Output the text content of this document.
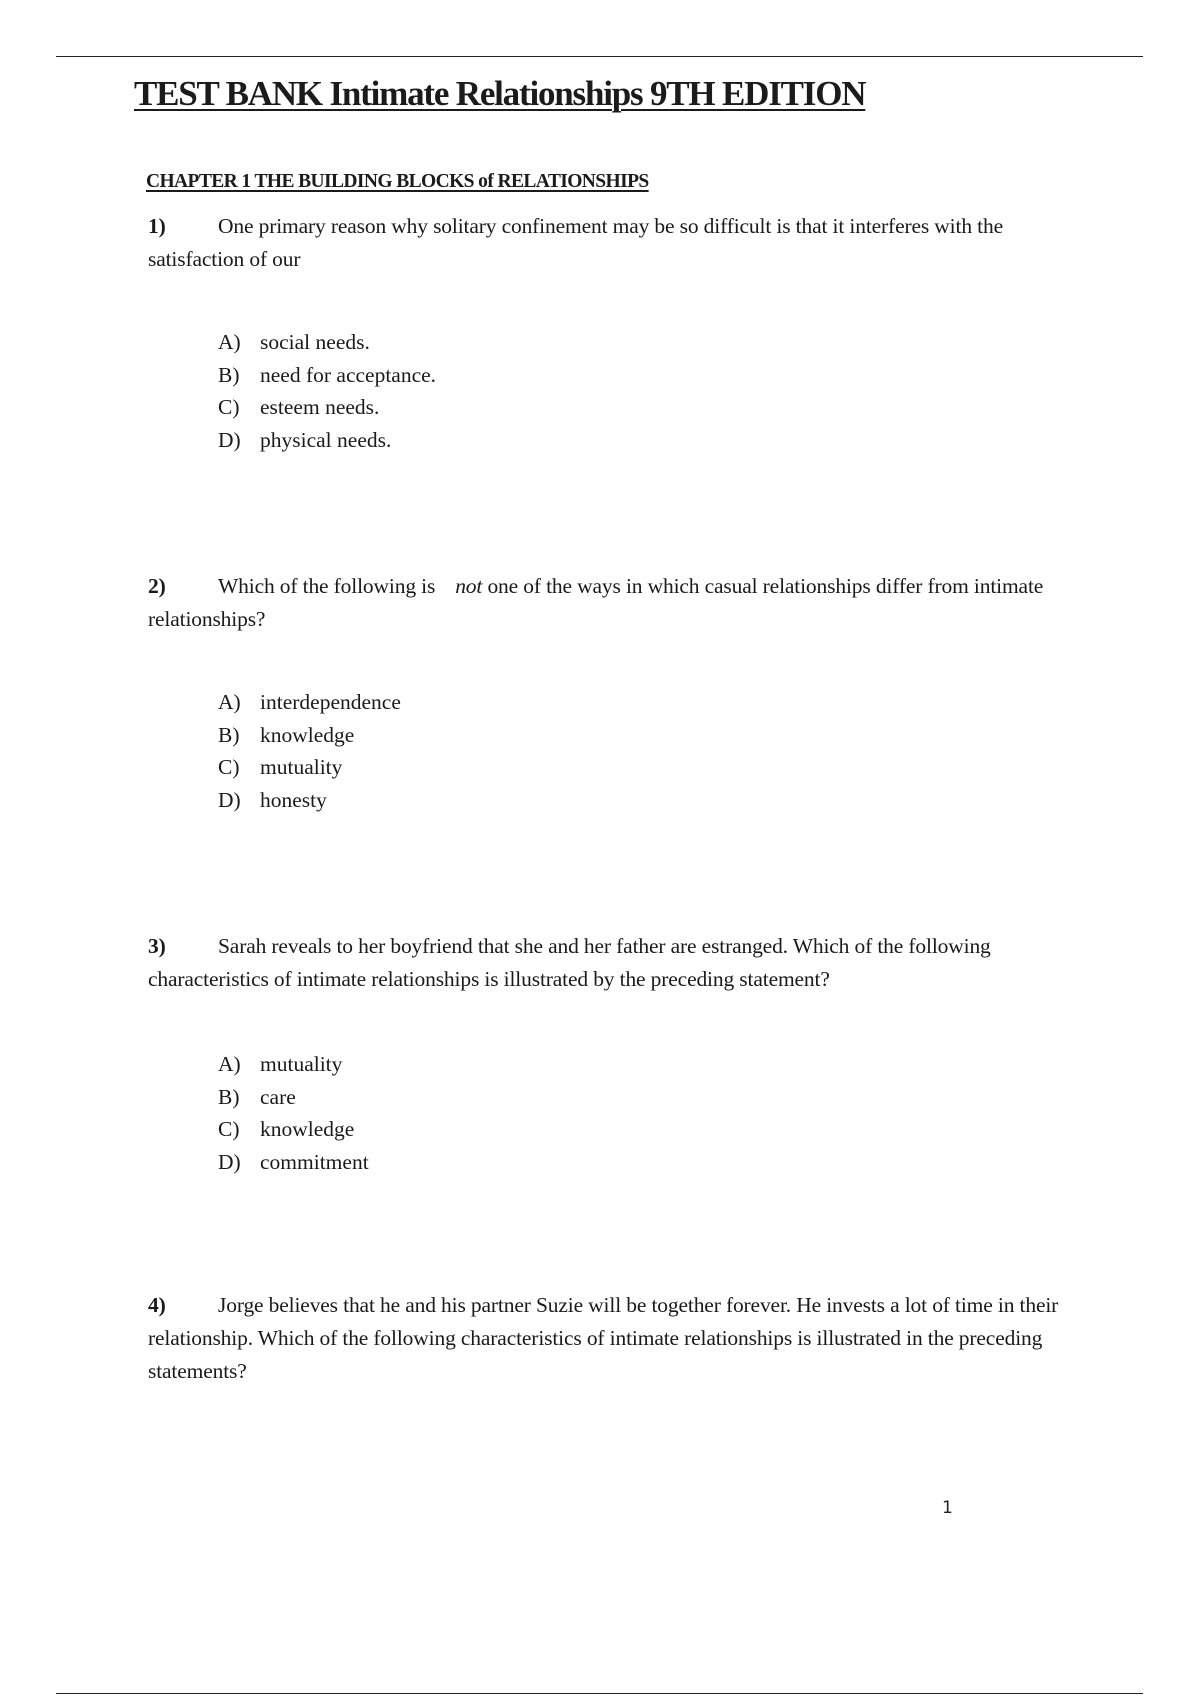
TEST BANK Intimate Relationships 9TH EDITION
CHAPTER 1 THE BUILDING BLOCKS of RELATIONSHIPS

1) One primary reason why solitary confinement may be so difficult is that it interferes with the satisfaction of our

A) social needs.
B) need for acceptance.
C) esteem needs.
D) physical needs.

2) Which of the following is not one of the ways in which casual relationships differ from intimate relationships?

A) interdependence
B) knowledge
C) mutuality
D) honesty

3) Sarah reveals to her boyfriend that she and her father are estranged. Which of the following characteristics of intimate relationships is illustrated by the preceding statement?

A) mutuality
B) care
C) knowledge
D) commitment

4) Jorge believes that he and his partner Suzie will be together forever. He invests a lot of time in their relationship. Which of the following characteristics of intimate relationships is illustrated in the preceding statements?

1
